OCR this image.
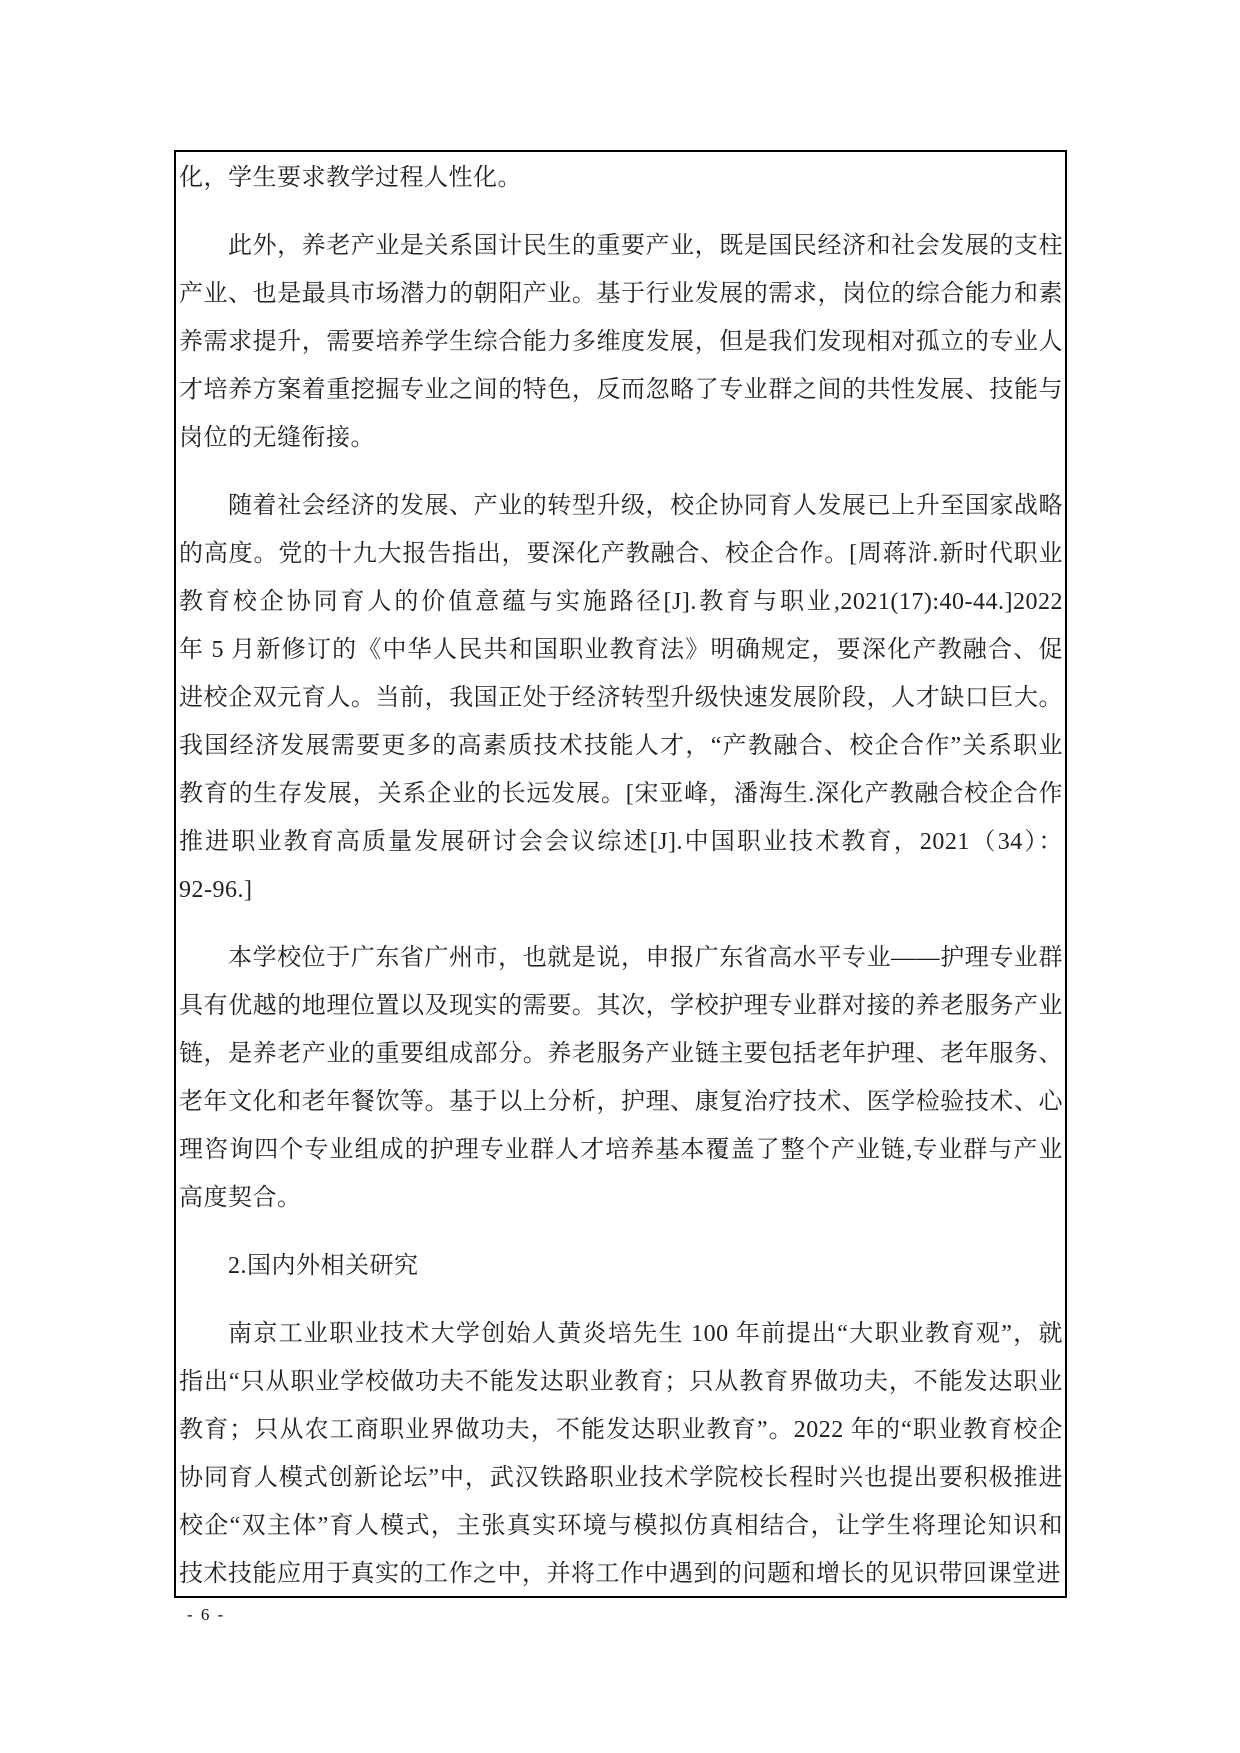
化，学生要求教学过程人性化。
此外，养老产业是关系国计民生的重要产业，既是国民经济和社会发展的支柱
产业、也是最具市场潜力的朝阳产业。基于行业发展的需求，岗位的综合能力和素
养需求提升，需要培养学生综合能力多维度发展，但是我们发现相对孤立的专业人
才培养方案着重挖掘专业之间的特色，反而忽略了专业群之间的共性发展、技能与
岗位的无缝衔接。
随着社会经济的发展、产业的转型升级，校企协同育人发展已上升至国家战略
的高度。党的十九大报告指出，要深化产教融合、校企合作。[周蒋浒.新时代职业
教育校企协同育人的价值意蕴与实施路径[J].教育与职业,2021(17):40-44.]2022
年 5 月新修订的《中华人民共和国职业教育法》明确规定，要深化产教融合、促
进校企双元育人。当前，我国正处于经济转型升级快速发展阶段，人才缺口巨大。
我国经济发展需要更多的高素质技术技能人才，“产教融合、校企合作”关系职业
教育的生存发展，关系企业的长远发展。[宋亚峰，潘海生.深化产教融合校企合作
推进职业教育高质量发展研讨会会议综述[J].中国职业技术教育，2021（34）：
92-96.]
本学校位于广东省广州市，也就是说，申报广东省高水平专业——护理专业群
具有优越的地理位置以及现实的需要。其次，学校护理专业群对接的养老服务产业
链，是养老产业的重要组成部分。养老服务产业链主要包括老年护理、老年服务、
老年文化和老年餐饮等。基于以上分析，护理、康复治疗技术、医学检验技术、心
理咨询四个专业组成的护理专业群人才培养基本覆盖了整个产业链,专业群与产业
高度契合。
2.国内外相关研究
南京工业职业技术大学创始人黄炎培先生 100 年前提出“大职业教育观”，就
指出“只从职业学校做功夫不能发达职业教育；只从教育界做功夫，不能发达职业
教育；只从农工商职业界做功夫，不能发达职业教育”。2022 年的“职业教育校企
协同育人模式创新论坛”中，武汉铁路职业技术学院校长程时兴也提出要积极推进
校企“双主体”育人模式，主张真实环境与模拟仿真相结合，让学生将理论知识和
技术技能应用于真实的工作之中，并将工作中遇到的问题和增长的见识带回课堂进
- 6 -
